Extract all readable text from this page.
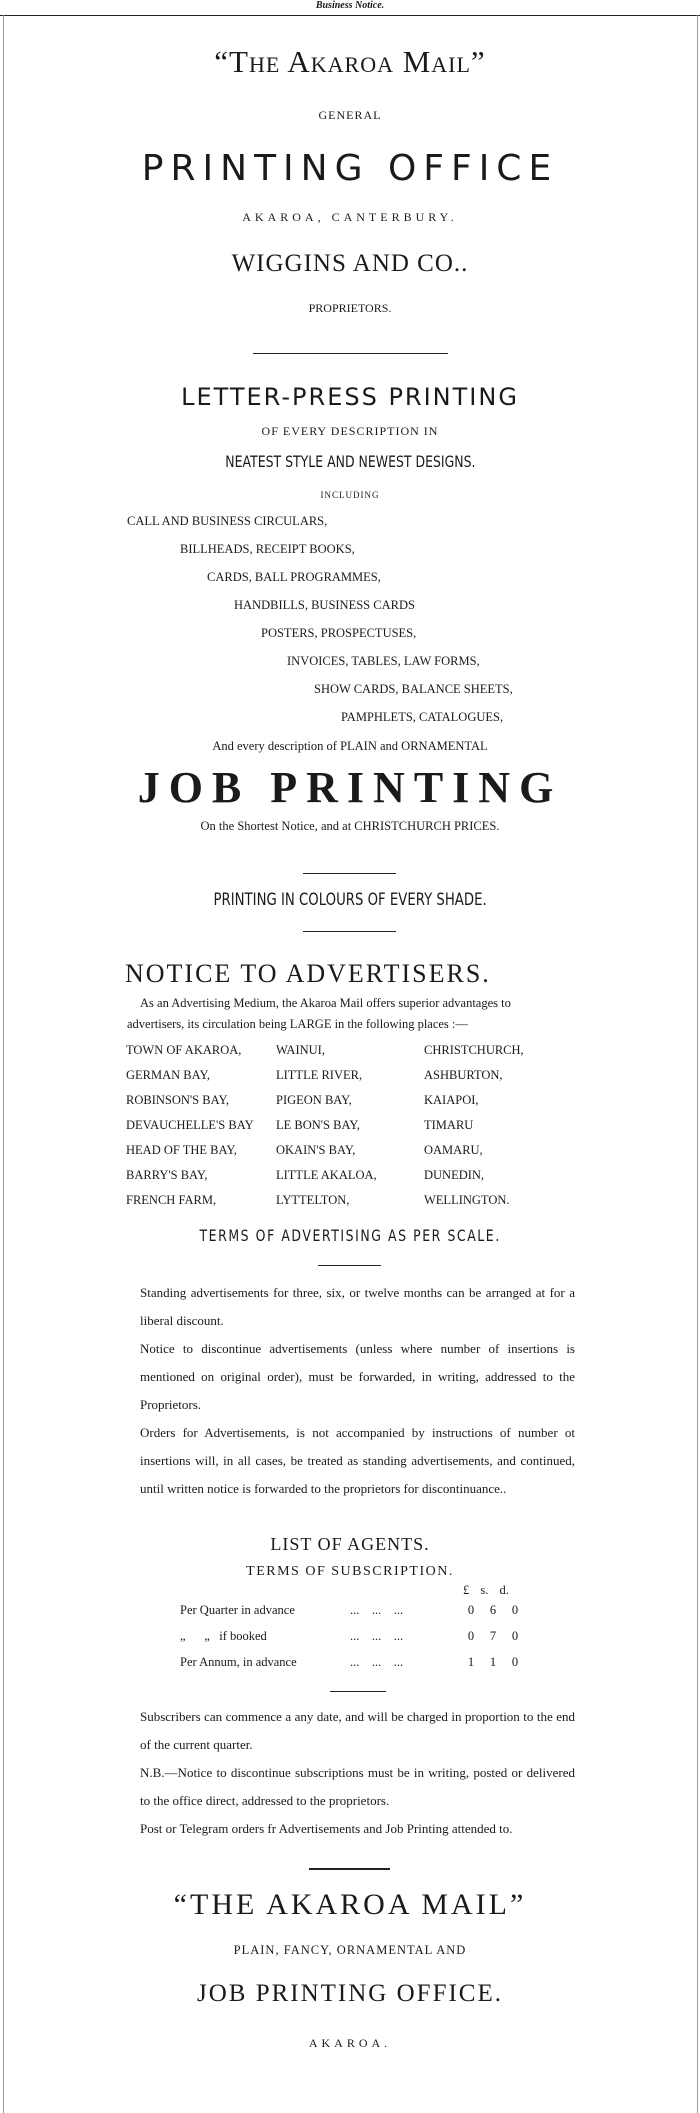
Business Notice.
“The Akaroa Mail”
GENERAL
PRINTING OFFICE
AKAROA, CANTERBURY.
WIGGINS AND CO..
PROPRIETORS.
LETTER-PRESS PRINTING
OF EVERY DESCRIPTION IN
NEATEST STYLE AND NEWEST DESIGNS.
INCLUDING
CALL AND BUSINESS CIRCULARS,
BILLHEADS, RECEIPT BOOKS,
CARDS, BALL PROGRAMMES,
HANDBILLS, BUSINESS CARDS
POSTERS, PROSPECTUSES,
INVOICES, TABLES, LAW FORMS,
SHOW CARDS, BALANCE SHEETS,
PAMPHLETS, CATALOGUES,
And every description of PLAIN and ORNAMENTAL
JOB PRINTING
On the Shortest Notice, and at CHRISTCHURCH PRICES.
PRINTING IN COLOURS OF EVERY SHADE.
NOTICE TO ADVERTISERS.
As an Advertising Medium, the Akaroa Mail offers superior advantages to
advertisers, its circulation being LARGE in the following places :—
TOWN OF AKAROA,	WAINUI,	CHRISTCHURCH,
GERMAN BAY,	LITTLE RIVER,	ASHBURTON,
ROBINSON'S BAY,	PIGEON BAY,	KAIAPOI,
DEVAUCHELLE'S BAY	LE BON'S BAY,	TIMARU
HEAD OF THE BAY,	OKAIN'S BAY,	OAMARU,
BARRY'S BAY,	LITTLE AKALOA,	DUNEDIN,
FRENCH FARM,	LYTTELTON,	WELLINGTON.
TERMS OF ADVERTISING AS PER SCALE.

Standing advertisements for three, six, or twelve months can be arranged at for a liberal discount.

Notice to discontinue advertisements (unless where number of insertions is mentioned on original order), must be forwarded, in writing, addressed to the Proprietors.

Orders for Advertisements, is not accompanied by instructions of number ot insertions will, in all cases, be treated as standing advertisements, and continued, until written notice is forwarded to the proprietors for discontinuance..

LIST OF AGENTS.
TERMS OF SUBSCRIPTION.
£ s. d.
Per Quarter in advance	...    ...    ...	0	6	0
„      „   if booked	...    ...    ...	0	7	0
Per Annum, in advance	...    ...    ...	1	1	0

Subscribers can commence a any date, and will be charged in proportion to the end of the current quarter.

N.B.—Notice to discontinue subscriptions must be in writing, posted or delivered to the office direct, addressed to the proprietors.

Post or Telegram orders fr Advertisements and Job Printing attended to.

“THE AKAROA MAIL”
PLAIN, FANCY, ORNAMENTAL AND
JOB PRINTING OFFICE.
AKAROA.
